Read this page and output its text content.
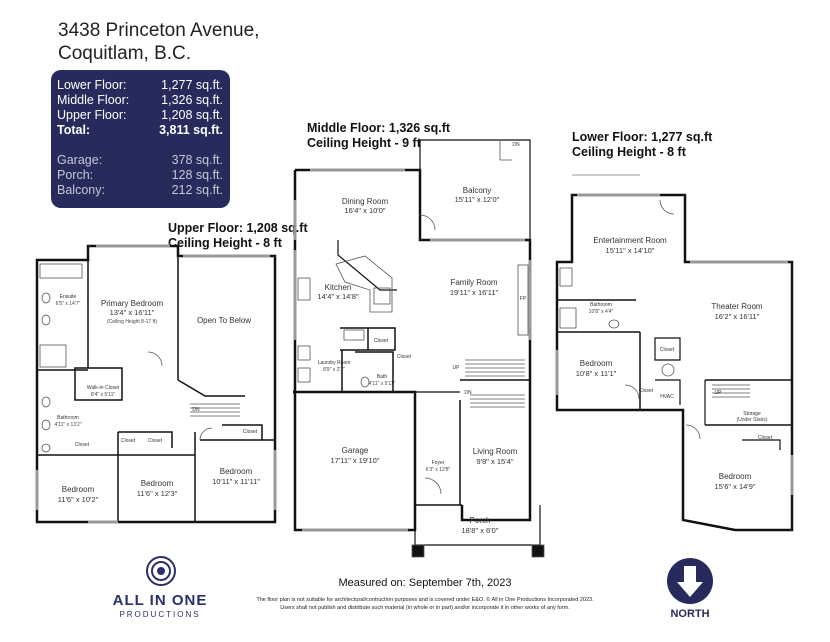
3438 Princeton Avenue,
Coquitlam, B.C.
Lower Floor:	1,277 sq.ft.
Middle Floor:	1,326 sq.ft.
Upper Floor:	1,208 sq.ft.
Total:	3,811 sq.ft.
Garage:	378 sq.ft.
Porch:	128 sq.ft.
Balcony:	212 sq.ft.
Upper Floor: 1,208 sq.ft
Ceiling Height - 8 ft
Middle Floor: 1,326 sq.ft
Ceiling Height - 9 ft	Lower Floor: 1,277 sq.ft
Ceiling Height - 8 ft
Ensuite
6'5" x 14'7"	Primary Bedroom
13'4" x 16'11"
(Ceiling Height 8-17 ft)	Open To Below
Walk-In Closet
8'4" x 5'11"
Bathroom
4'11" x 13'2"
Closet	Closet
Closet
Closet
DN
Bedroom
11'6" x 10'2"
Bedroom
11'6" x 12'3"
Bedroom
10'11" x 11'11"
Dining Room
16'4" x 10'0"
Balcony
15'11" x 12'0"
Kitchen
14'4" x 14'8"
Family Room
19'11" x 16'11"
FP
Closet
Closet
Laundry Room
8'9" x 2'3"
Bath
4'11" x 5'11"
UP
DN
DN
Garage
17'11" x 19'10"	Foyer
6'3" x 12'8"
Living Room
9'8" x 15'4"
Porch
18'8" x 6'0"
Entertainment Room
15'11" x 14'10"
Bathroom
10'8" x 4'4"
Theater Room
16'2" x 16'11"
Closet
Closet
Closet
Bedroom
10'8" x 11'1"
HVAC
UP
Storage
(Under Stairs)
Bedroom
15'6" x 14'9"
ALL IN ONE
PRODUCTIONS
Measured on: September 7th, 2023
The floor plan is not suitable for architectural/contruction purposes and is covered under E&O. © All in One Productions Incorporated 2023.
Users shall not publish and distribute such material (in whole or in part) and/or incorporate it in other works of any form.
NORTH
